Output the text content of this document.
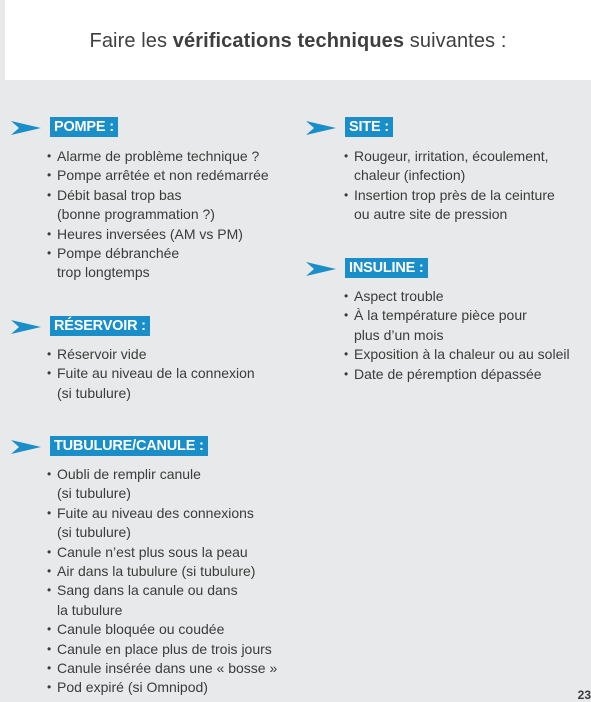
Faire les vérifications techniques suivantes :
POMPE :
• Alarme de problème technique ?
• Pompe arrêtée et non redémarrée
• Débit basal trop bas
(bonne programmation ?)
• Heures inversées (AM vs PM)
• Pompe débranchée
trop longtemps
RÉSERVOIR :
• Réservoir vide
• Fuite au niveau de la connexion
(si tubulure)
TUBULURE/CANULE :
• Oubli de remplir canule
(si tubulure)
• Fuite au niveau des connexions
(si tubulure)
• Canule n’est plus sous la peau
• Air dans la tubulure (si tubulure)
• Sang dans la canule ou dans
la tubulure
• Canule bloquée ou coudée
• Canule en place plus de trois jours
• Canule insérée dans une « bosse »
• Pod expiré (si Omnipod)
SITE :
• Rougeur, irritation, écoulement,
chaleur (infection)
• Insertion trop près de la ceinture
ou autre site de pression
INSULINE :
• Aspect trouble
• À la température pièce pour
plus d’un mois
• Exposition à la chaleur ou au soleil
• Date de péremption dépassée
23
